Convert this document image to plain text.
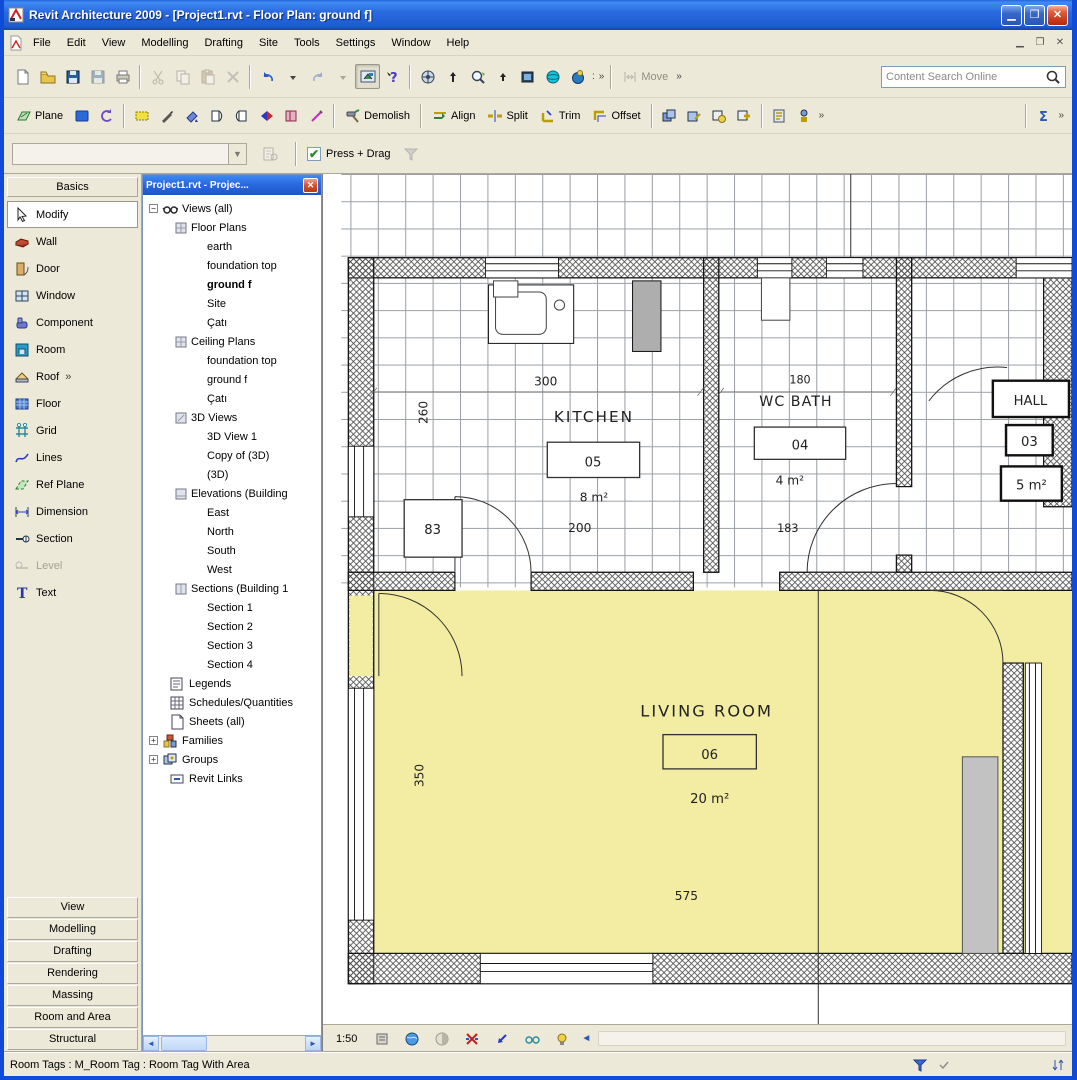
Revit Architecture 2009 - [Project1.rvt - Floor Plan: ground f]	▁	❐	✕
File	Edit	View	Modelling	Drafting	Site	Tools	Settings	Window	Help	▁	❐	✕
?	: »	Move »
Content Search Online
Plane	Demolish	Align	Split	Trim	Offset	»	Σ »
▼	✔ Press + Drag
Basics
Modify
Wall
Door
Window
Component
Room
Roof »
Floor
Grid
Lines
Ref Plane
Dimension
Section
Level
T Text
View
Modelling
Drafting
Rendering
Massing
Room and Area
Structural
Project1.rvt - Projec...	✕
− Views (all)
Floor Plans
earth
foundation top
ground f
Site
Çatı
Ceiling Plans
foundation top
ground f
Çatı
3D Views
3D View 1
Copy of (3D)
(3D)
Elevations (Building
East
North
South
West
Sections (Building 1
Section 1
Section 2
Section 3
Section 4
Legends
Schedules/Quantities
Sheets (all)
+ Families
+ Groups
Revit Links
◄	►
300
KITCHEN
05
8 m²
200
260
83
180
WC BATH
04
4 m²
183
HALL
03
5 m²
LIVING ROOM
06
20 m²
575
350
1:50	◄
Room Tags : M_Room Tag : Room Tag With Area
